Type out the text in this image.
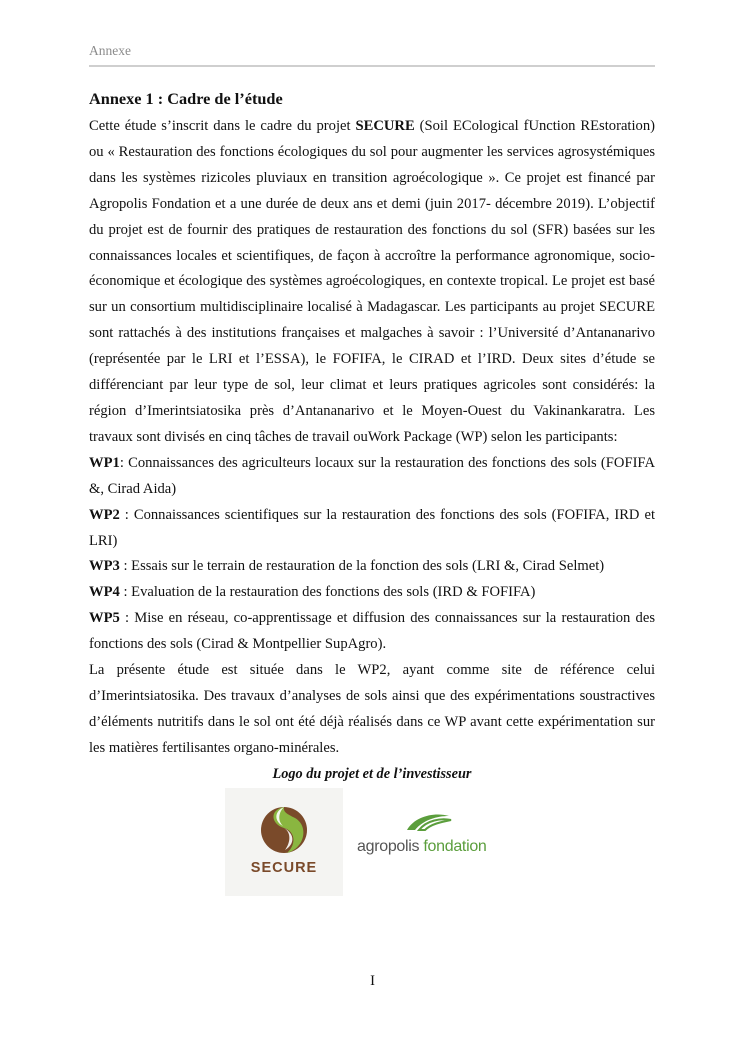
Annexe
Annexe 1 : Cadre de l’étude

Cette étude s’inscrit dans le cadre du projet SECURE (Soil ECological fUnction REstoration) ou « Restauration des fonctions écologiques du sol pour augmenter les services agrosystémiques dans les systèmes rizicoles pluviaux en transition agroécologique ». Ce projet est financé par Agropolis Fondation et a une durée de deux ans et demi (juin 2017- décembre 2019). L’objectif du projet est de fournir des pratiques de restauration des fonctions du sol (SFR) basées sur les connaissances locales et scientifiques, de façon à accroître la performance agronomique, socio-économique et écologique des systèmes agroécologiques, en contexte tropical. Le projet est basé sur un consortium multidisciplinaire localisé à Madagascar. Les participants au projet SECURE sont rattachés à des institutions françaises et malgaches à savoir : l’Université d’Antananarivo (représentée par le LRI et l’ESSA), le FOFIFA, le CIRAD et l’IRD. Deux sites d’étude se différenciant par leur type de sol, leur climat et leurs pratiques agricoles sont considérés: la région d’Imerintsiatosika près d’Antananarivo et le Moyen-Ouest du Vakinankaratra. Les travaux sont divisés en cinq tâches de travail ouWork Package (WP) selon les participants:

WP1: Connaissances des agriculteurs locaux sur la restauration des fonctions des sols (FOFIFA &, Cirad Aida)

WP2 : Connaissances scientifiques sur la restauration des fonctions des sols (FOFIFA, IRD et LRI)

WP3 : Essais sur le terrain de restauration de la fonction des sols (LRI &, Cirad Selmet)

WP4 : Evaluation de la restauration des fonctions des sols (IRD & FOFIFA)

WP5 : Mise en réseau, co-apprentissage et diffusion des connaissances sur la restauration des fonctions des sols (Cirad & Montpellier SupAgro).

La présente étude est située dans le WP2, ayant comme site de référence celui d’Imerintsiatosika. Des travaux d’analyses de sols ainsi que des expérimentations soustractives d’éléments nutritifs dans le sol ont été déjà réalisés dans ce WP avant cette expérimentation sur les matières fertilisantes organo-minérales.

Logo du projet et de l’investisseur
SECURE
agropolis fondation
I
